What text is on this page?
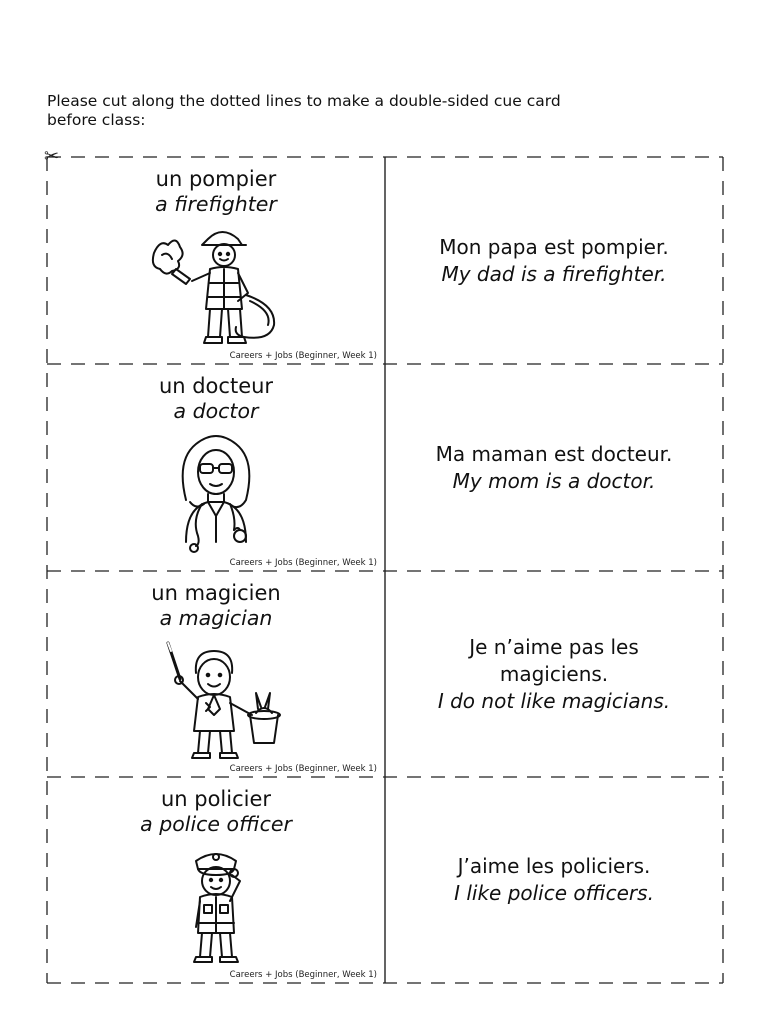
Please cut along the dotted lines to make a double-sided cue card before class:
✂
un pompier
a firefighter
Careers + Jobs (Beginner, Week 1)
Mon papa est pompier.
My dad is a firefighter.
un docteur
a doctor
Careers + Jobs (Beginner, Week 1)
Ma maman est docteur.
My mom is a doctor.
un magicien
a magician
Careers + Jobs (Beginner, Week 1)
Je n’aime pas les magiciens.
I do not like magicians.
un policier
a police officer
Careers + Jobs (Beginner, Week 1)
J’aime les policiers.
I like police officers.
